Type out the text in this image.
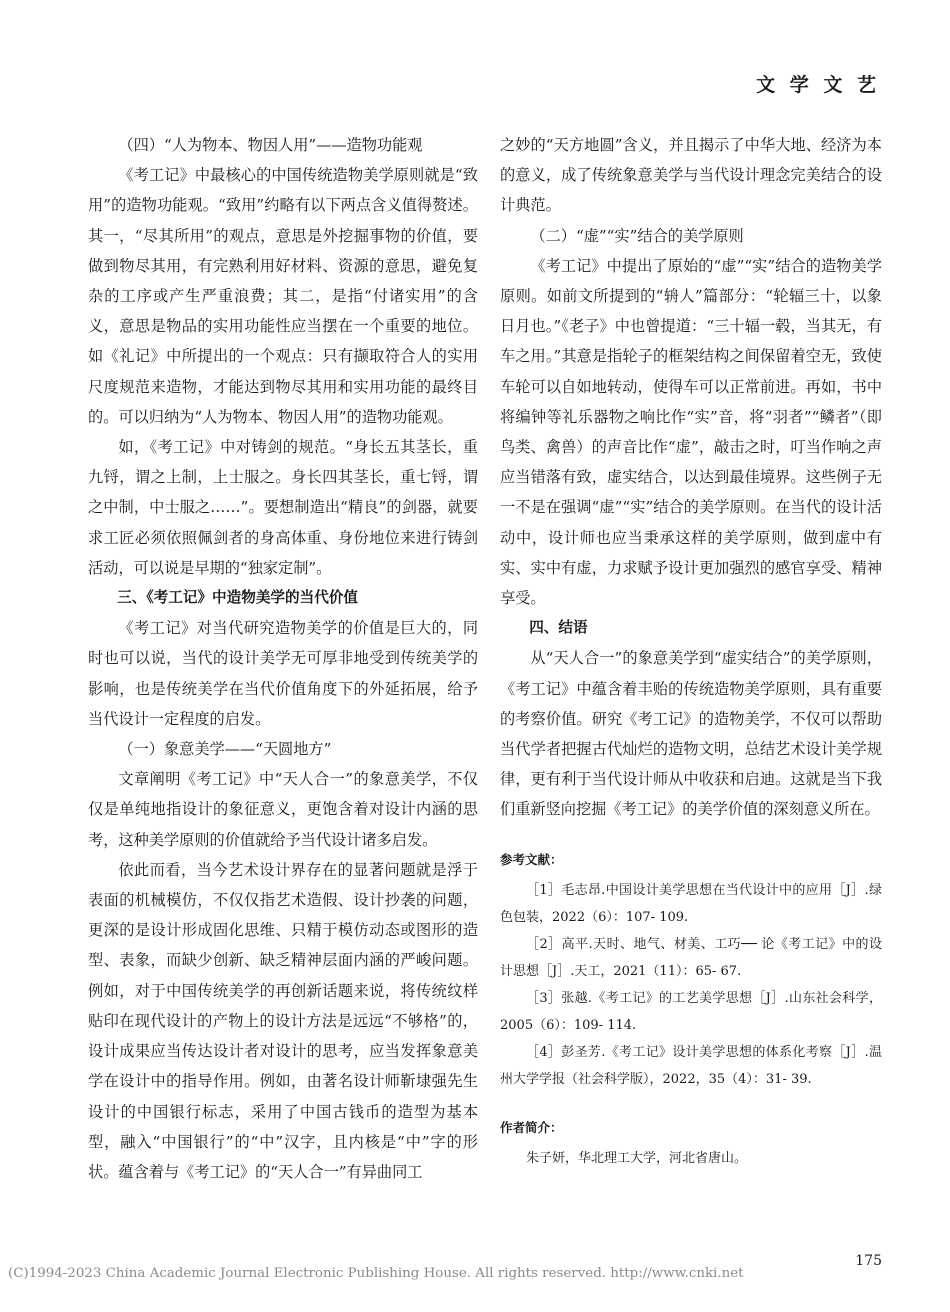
文 学 文 艺

（四）“人为物本、物因人用”——造物功能观

《考工记》中最核心的中国传统造物美学原则就是“致用”的造物功能观。“致用”约略有以下两点含义值得赘述。其一，“尽其所用”的观点，意思是外挖掘事物的价值，要做到物尽其用，有完熟利用好材料、资源的意思，避免复杂的工序或产生严重浪费；其二，是指“付诸实用”的含义，意思是物品的实用功能性应当摆在一个重要的地位。如《礼记》中所提出的一个观点：只有撷取符合人的实用尺度规范来造物，才能达到物尽其用和实用功能的最终目的。可以归纳为“人为物本、物因人用”的造物功能观。

如，《考工记》中对铸剑的规范。“身长五其茎长，重九锊，谓之上制，上士服之。身长四其茎长，重七锊，谓之中制，中士服之……”。要想制造出“精良”的剑器，就要求工匠必须依照佩剑者的身高体重、身份地位来进行铸剑活动，可以说是早期的“独家定制”。

三、《考工记》中造物美学的当代价值

《考工记》对当代研究造物美学的价值是巨大的，同时也可以说，当代的设计美学无可厚非地受到传统美学的影响，也是传统美学在当代价值角度下的外延拓展，给予当代设计一定程度的启发。

（一）象意美学——“天圆地方”

文章阐明《考工记》中“天人合一”的象意美学，不仅仅是单纯地指设计的象征意义，更饱含着对设计内涵的思考，这种美学原则的价值就给予当代设计诸多启发。

依此而看，当今艺术设计界存在的显著问题就是浮于表面的机械模仿，不仅仅指艺术造假、设计抄袭的问题，更深的是设计形成固化思维、只精于模仿动态或图形的造型、表象，而缺少创新、缺乏精神层面内涵的严峻问题。例如，对于中国传统美学的再创新话题来说，将传统纹样贴印在现代设计的产物上的设计方法是远远“不够格”的，设计成果应当传达设计者对设计的思考，应当发挥象意美学在设计中的指导作用。例如，由著名设计师靳埭强先生设计的中国银行标志，采用了中国古钱币的造型为基本型，融入“中国银行”的“中”汉字，且内核是“中”字的形状。蕴含着与《考工记》的“天人合一”有异曲同工

之妙的“天方地圆”含义，并且揭示了中华大地、经济为本的意义，成了传统象意美学与当代设计理念完美结合的设计典范。

（二）“虚”“实”结合的美学原则

《考工记》中提出了原始的“虚”“实”结合的造物美学原则。如前文所提到的“辀人”篇部分：“轮辐三十，以象日月也。”《老子》中也曾提道：“三十辐一毂，当其无，有车之用。”其意是指轮子的框架结构之间保留着空无，致使车轮可以自如地转动，使得车可以正常前进。再如，书中将编钟等礼乐器物之响比作“实”音，将“羽者”“鳞者”（即鸟类、禽兽）的声音比作“虚”，敲击之时，叮当作响之声应当错落有致，虚实结合，以达到最佳境界。这些例子无一不是在强调“虚”“实”结合的美学原则。在当代的设计活动中，设计师也应当秉承这样的美学原则，做到虚中有实、实中有虚，力求赋予设计更加强烈的感官享受、精神享受。

四、结语

从“天人合一”的象意美学到“虚实结合”的美学原则，《考工记》中蕴含着丰贻的传统造物美学原则，具有重要的考察价值。研究《考工记》的造物美学，不仅可以帮助当代学者把握古代灿烂的造物文明，总结艺术设计美学规律，更有利于当代设计师从中收获和启迪。这就是当下我们重新竖向挖掘《考工记》的美学价值的深刻意义所在。

参考文献：

［1］毛志昂.中国设计美学思想在当代设计中的应用［J］.绿色包装，2022（6）：107- 109.

［2］高平.天时、地气、材美、工巧── 论《考工记》中的设计思想［J］.天工，2021（11）：65- 67.

［3］张越.《考工记》的工艺美学思想［J］.山东社会科学，2005（6）：109- 114.

［4］彭圣芳.《考工记》设计美学思想的体系化考察［J］.温州大学学报（社会科学版），2022，35（4）：31- 39.

作者简介：

朱子妍，华北理工大学，河北省唐山。

175
(C)1994-2023 China Academic Journal Electronic Publishing House. All rights reserved. http://www.cnki.net
